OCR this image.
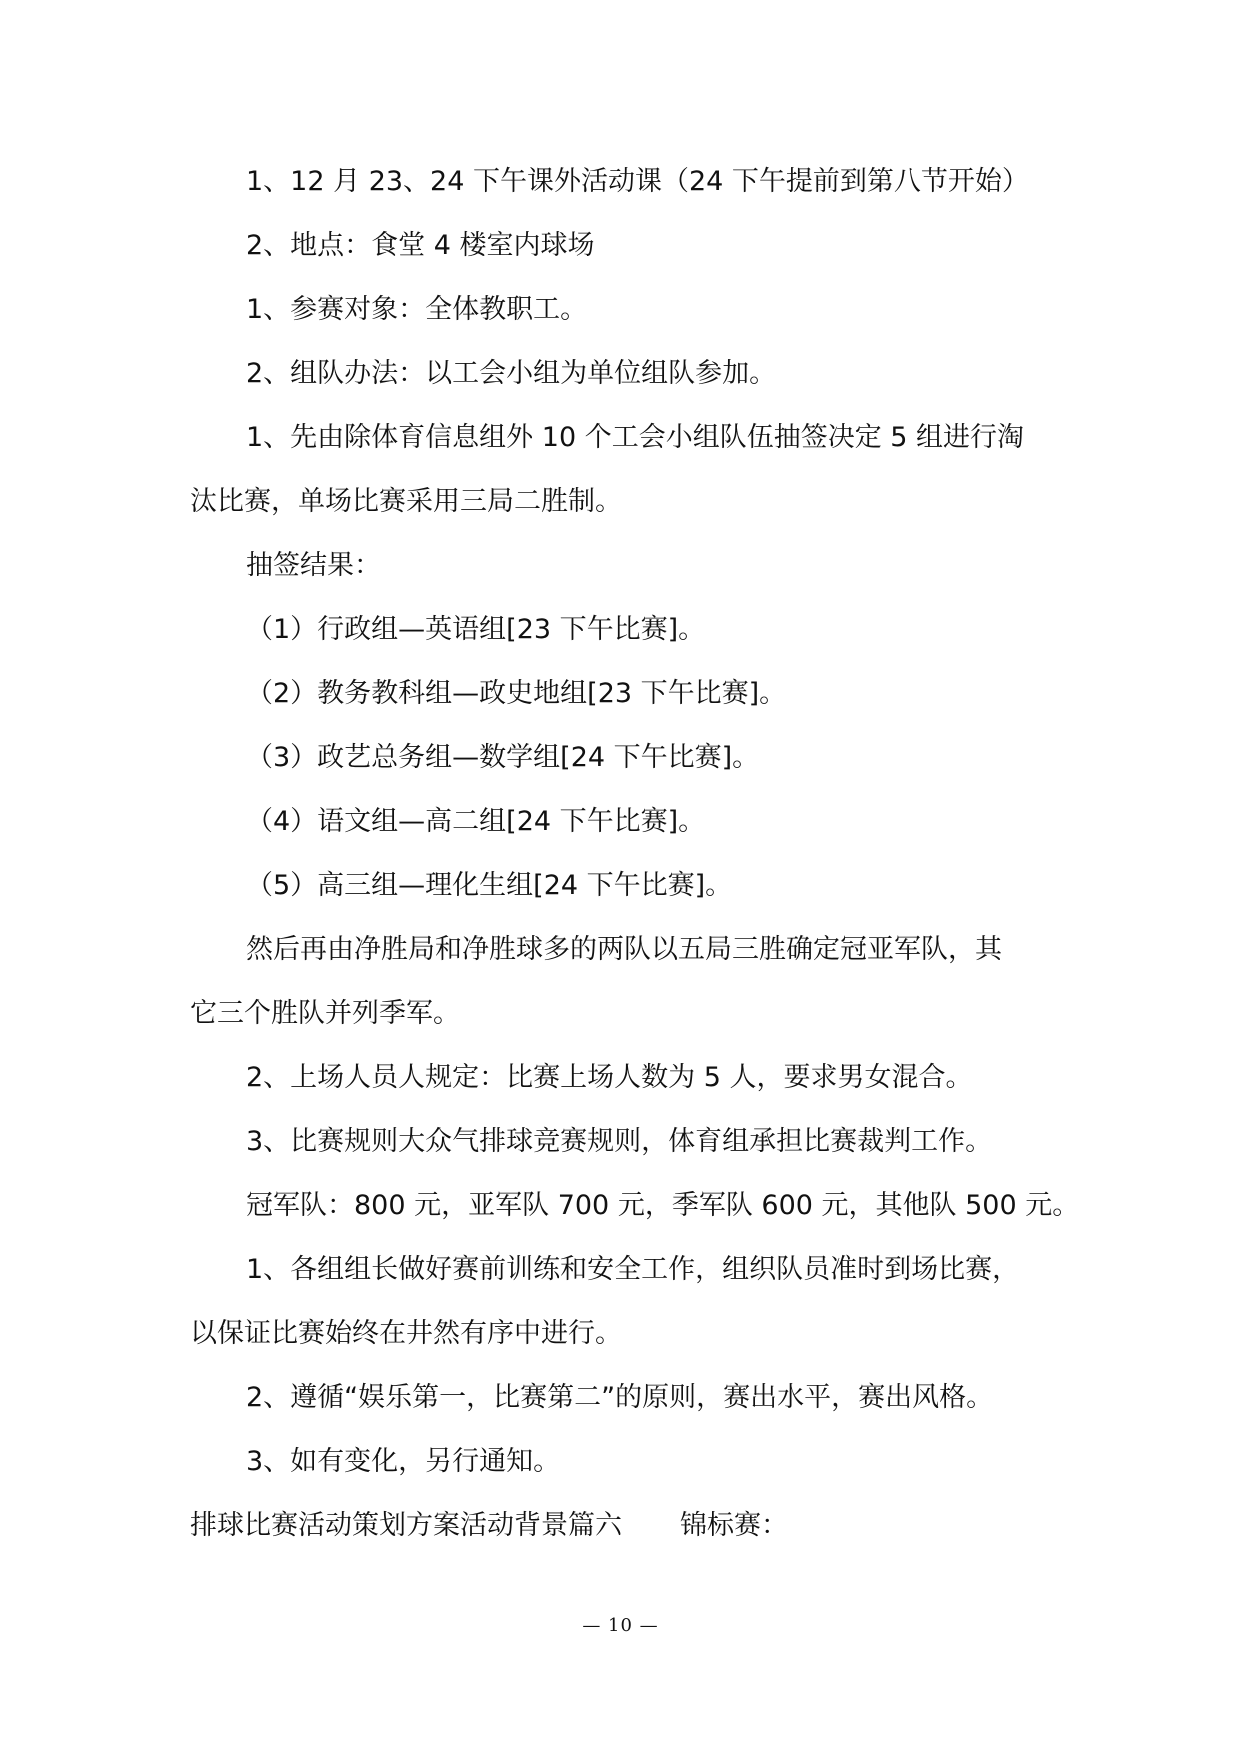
1、12 月 23、24 下午课外活动课（24 下午提前到第八节开始）
2、地点：食堂 4 楼室内球场
1、参赛对象：全体教职工。
2、组队办法：以工会小组为单位组队参加。
1、先由除体育信息组外 10 个工会小组队伍抽签决定 5 组进行淘
汰比赛，单场比赛采用三局二胜制。
抽签结果：
（1）行政组—英语组[23 下午比赛]。
（2）教务教科组—政史地组[23 下午比赛]。
（3）政艺总务组—数学组[24 下午比赛]。
（4）语文组—高二组[24 下午比赛]。
（5）高三组—理化生组[24 下午比赛]。
然后再由净胜局和净胜球多的两队以五局三胜确定冠亚军队，其
它三个胜队并列季军。
2、上场人员人规定：比赛上场人数为 5 人，要求男女混合。
3、比赛规则大众气排球竞赛规则，体育组承担比赛裁判工作。
冠军队：800 元，亚军队 700 元，季军队 600 元，其他队 500 元。
1、各组组长做好赛前训练和安全工作，组织队员准时到场比赛，
以保证比赛始终在井然有序中进行。
2、遵循“娱乐第一，比赛第二”的原则，赛出水平，赛出风格。
3、如有变化，另行通知。
排球比赛活动策划方案活动背景篇六 锦标赛：
— 10 —
